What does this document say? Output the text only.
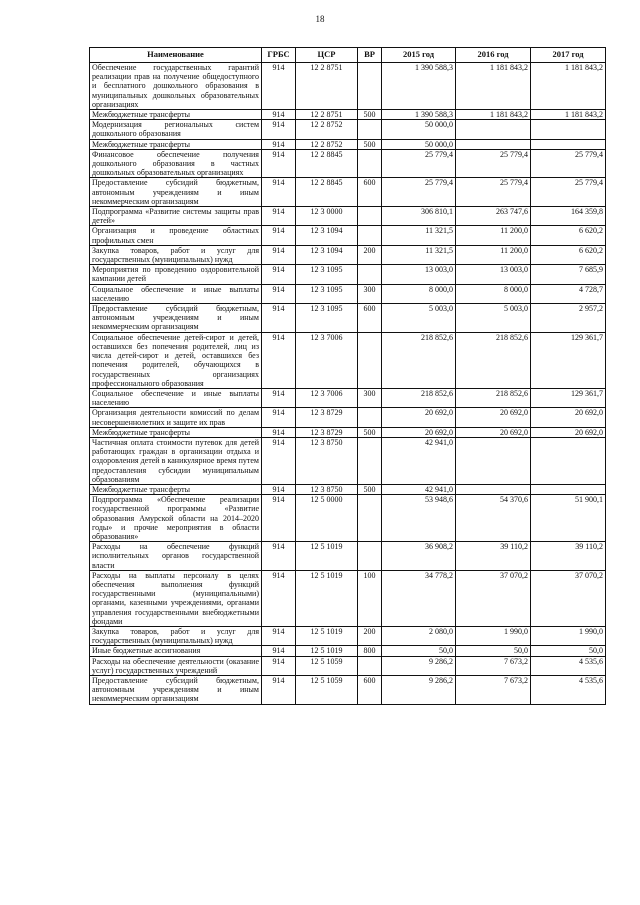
18
Наименование	ГРБС	ЦСР	ВР	2015 год	2016 год	2017 год
Обеспечение государственных гарантий реализации прав на получение общедоступного и бесплатного дошкольного образования в муниципальных дошкольных образовательных организациях	914	12 2 8751		1 390 588,3	1 181 843,2	1 181 843,2
Межбюджетные трансферты	914	12 2 8751	500	1 390 588,3	1 181 843,2	1 181 843,2
Модернизация региональных систем дошкольного образования	914	12 2 8752		50 000,0		
Межбюджетные трансферты	914	12 2 8752	500	50 000,0		
Финансовое обеспечение получения дошкольного образования в частных дошкольных образовательных организациях	914	12 2 8845		25 779,4	25 779,4	25 779,4
Предоставление субсидий бюджетным, автономным учреждениям и иным некоммерческим организациям	914	12 2 8845	600	25 779,4	25 779,4	25 779,4
Подпрограмма «Развитие системы защиты прав детей»	914	12 3 0000		306 810,1	263 747,6	164 359,8
Организация и проведение областных профильных смен	914	12 3 1094		11 321,5	11 200,0	6 620,2
Закупка товаров, работ и услуг для государственных (муниципальных) нужд	914	12 3 1094	200	11 321,5	11 200,0	6 620,2
Мероприятия по проведению оздоровительной кампании детей	914	12 3 1095		13 003,0	13 003,0	7 685,9
Социальное обеспечение и иные выплаты населению	914	12 3 1095	300	8 000,0	8 000,0	4 728,7
Предоставление субсидий бюджетным, автономным учреждениям и иным некоммерческим организациям	914	12 3 1095	600	5 003,0	5 003,0	2 957,2
Социальное обеспечение детей-сирот и детей, оставшихся без попечения родителей, лиц из числа детей-сирот и детей, оставшихся без попечения родителей, обучающихся в государственных организациях профессионального образования	914	12 3 7006		218 852,6	218 852,6	129 361,7
Социальное обеспечение и иные выплаты населению	914	12 3 7006	300	218 852,6	218 852,6	129 361,7
Организация деятельности комиссий по делам несовершеннолетних и защите их прав	914	12 3 8729		20 692,0	20 692,0	20 692,0
Межбюджетные трансферты	914	12 3 8729	500	20 692,0	20 692,0	20 692,0
Частичная оплата стоимости путевок для детей работающих граждан в организации отдыха и оздоровления детей в каникулярное время путем предоставления субсидии муниципальным образованиям	914	12 3 8750		42 941,0		
Межбюджетные трансферты	914	12 3 8750	500	42 941,0		
Подпрограмма «Обеспечение реализации государственной программы «Развитие образования Амурской области на 2014–2020 годы» и прочие мероприятия в области образования»	914	12 5 0000		53 948,6	54 370,6	51 900,1
Расходы на обеспечение функций исполнительных органов государственной власти	914	12 5 1019		36 908,2	39 110,2	39 110,2
Расходы на выплаты персоналу в целях обеспечения выполнения функций государственными (муниципальными) органами, казенными учреждениями, органами управления государственными внебюджетными фондами	914	12 5 1019	100	34 778,2	37 070,2	37 070,2
Закупка товаров, работ и услуг для государственных (муниципальных) нужд	914	12 5 1019	200	2 080,0	1 990,0	1 990,0
Иные бюджетные ассигнования	914	12 5 1019	800	50,0	50,0	50,0
Расходы на обеспечение деятельности (оказание услуг) государственных учреждений	914	12 5 1059		9 286,2	7 673,2	4 535,6
Предоставление субсидий бюджетным, автономным учреждениям и иным некоммерческим организациям	914	12 5 1059	600	9 286,2	7 673,2	4 535,6
